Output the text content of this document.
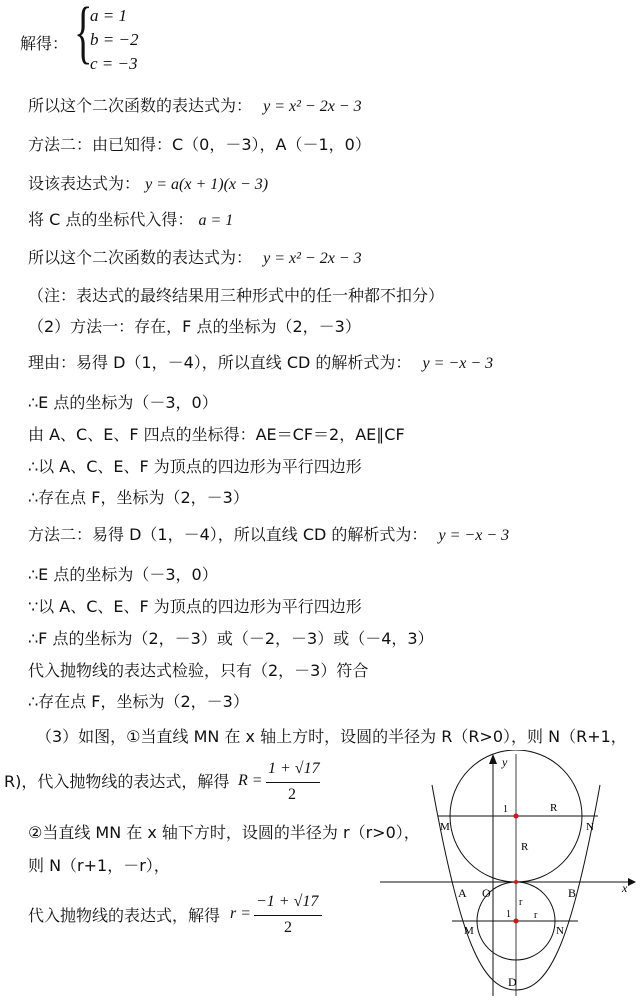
解得： {
a = 1
b = −2
c = −3
所以这个二次函数的表达式为： y = x² − 2x − 3
方法二：由已知得：C（0，－3），A（－1，0）
设该表达式为： y = a(x + 1)(x − 3)
将 C 点的坐标代入得： a = 1
所以这个二次函数的表达式为： y = x² − 2x − 3
（注：表达式的最终结果用三种形式中的任一种都不扣分）
（2）方法一：存在，F 点的坐标为（2，－3）
理由：易得 D（1，－4），所以直线 CD 的解析式为： y = −x − 3
∴E 点的坐标为（－3，0）
由 A、C、E、F 四点的坐标得：AE＝CF＝2，AE∥CF
∴以 A、C、E、F 为顶点的四边形为平行四边形
∴存在点 F，坐标为（2，－3）
方法二：易得 D（1，－4），所以直线 CD 的解析式为： y = −x − 3
∴E 点的坐标为（－3，0）
∵以 A、C、E、F 为顶点的四边形为平行四边形
∴F 点的坐标为（2，－3）或（－2，－3）或（－4，3）
代入抛物线的表达式检验，只有（2，－3）符合
∴存在点 F，坐标为（2，－3）
（3）如图，①当直线 MN 在 x 轴上方时，设圆的半径为 R（R>0），则 N（R+1，
R)，代入抛物线的表达式，解得 R =
1 + √17
2
②当直线 MN 在 x 轴下方时，设圆的半径为 r（r>0），
则 N（r+1，－r），
代入抛物线的表达式，解得 r =
−1 + √17
2
y
x
1	R
R
M	N
A O	B
r
1 r
M	N
D
